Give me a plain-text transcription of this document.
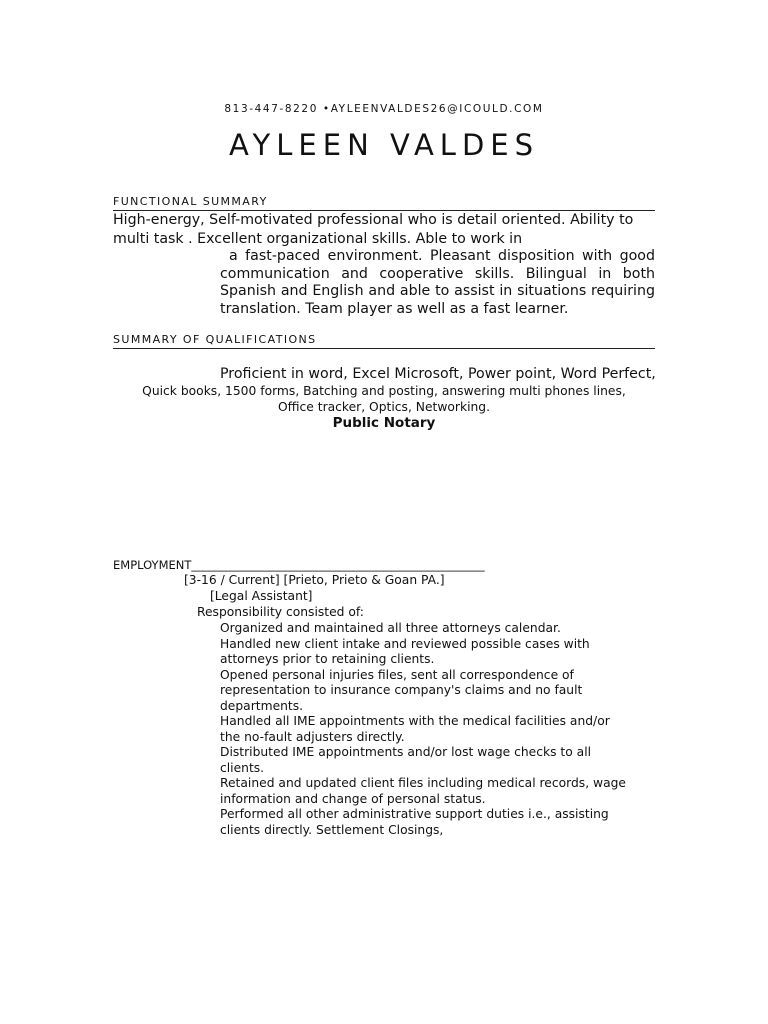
813-447-8220 •AYLEENVALDES26@ICOULD.COM
AYLEEN VALDES
FUNCTIONAL SUMMARY
High-energy, Self-motivated professional who is detail oriented. Ability to
multi task . Excellent organizational skills. Able to work in
a fast-paced environment. Pleasant disposition with good communication and cooperative skills. Bilingual in both Spanish and English and able to assist in situations requiring translation. Team player as well as a fast learner.
SUMMARY OF QUALIFICATIONS
Proficient in word, Excel Microsoft, Power point, Word Perfect,
Quick books, 1500 forms, Batching and posting, answering multi phones lines,
Office tracker, Optics, Networking.
Public Notary
EMPLOYMENT___________________________________________________
[3-16 / Current] [Prieto, Prieto & Goan PA.]
[Legal Assistant]
Responsibility consisted of:
Organized and maintained all three attorneys calendar.
Handled new client intake and reviewed possible cases with
attorneys prior to retaining clients.
Opened personal injuries files, sent all correspondence of
representation to insurance company's claims and no fault
departments.
Handled all IME appointments with the medical facilities and/or
the no-fault adjusters directly.
Distributed IME appointments and/or lost wage checks to all
clients.
Retained and updated client files including medical records, wage
information and change of personal status.
Performed all other administrative support duties i.e., assisting
clients directly. Settlement Closings,
